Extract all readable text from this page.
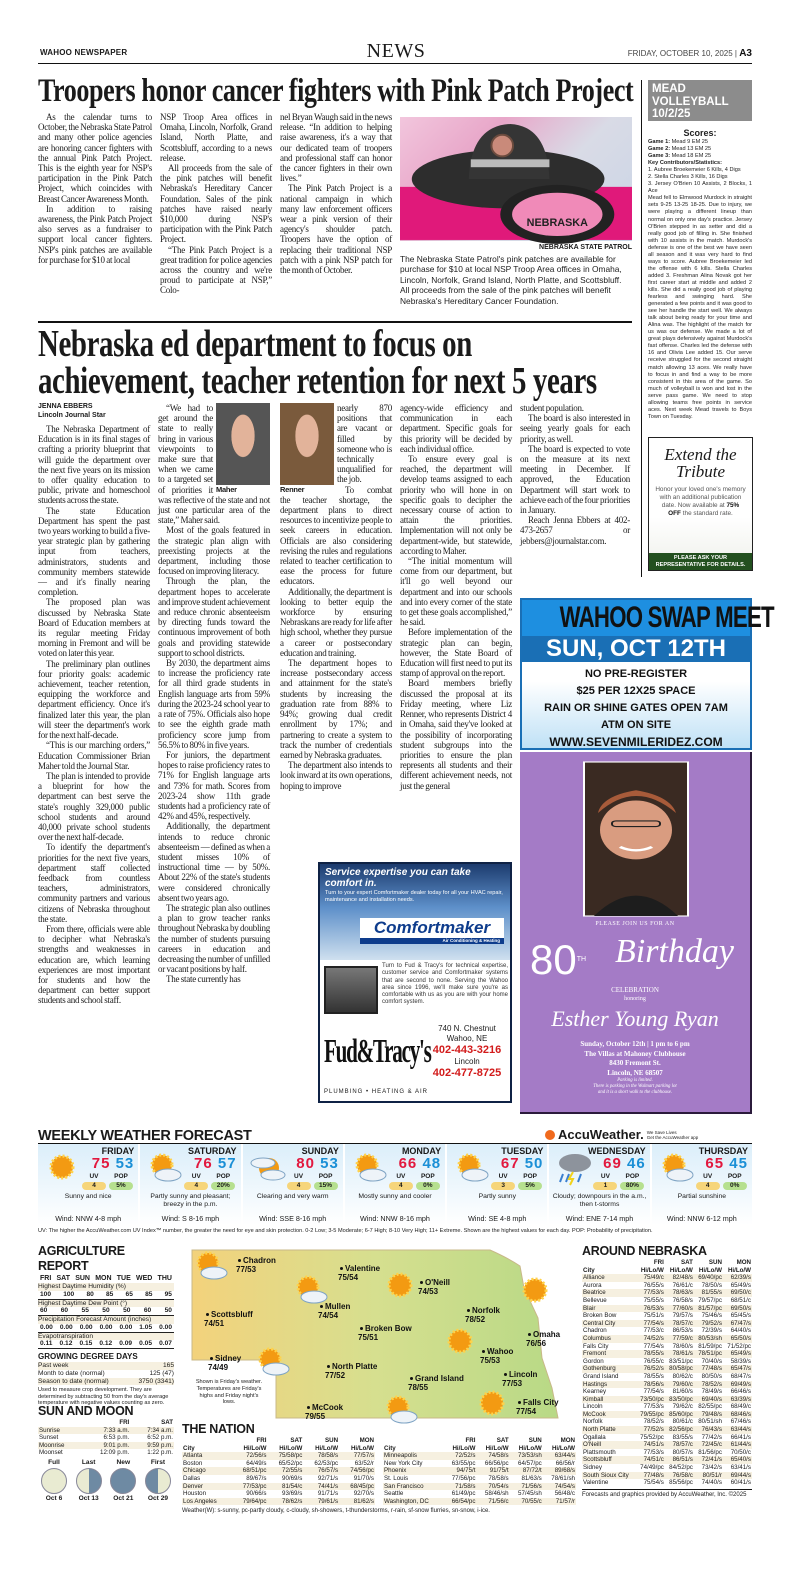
WAHOO NEWSPAPER	NEWS	FRIDAY, OCTOBER 10, 2025 | A3
Troopers honor cancer fighters with Pink Patch Project

As the calendar turns to October, the Nebraska State Patrol and many other police agencies are honoring cancer fighters with the annual Pink Patch Project. This is the eighth year for NSP's participation in the Pink Patch Project, which coincides with Breast Cancer Awareness Month.

In addition to raising awareness, the Pink Patch Project also serves as a fundraiser to support local cancer fighters. NSP's pink patches are available for purchase for $10 at local

NSP Troop Area offices in Omaha, Lincoln, Norfolk, Grand Island, North Platte, and Scottsbluff, according to a news release.

All proceeds from the sale of the pink patches will benefit Nebraska's Hereditary Cancer Foundation. Sales of the pink patches have raised nearly $10,000 during NSP's participation with the Pink Patch Project.

“The Pink Patch Project is a great tradition for police agencies across the country and we're proud to participate at NSP,” Colo-

nel Bryan Waugh said in the news release. “In addition to helping raise awareness, it's a way that our dedicated team of troopers and professional staff can honor the cancer fighters in their own lives.”

The Pink Patch Project is a national campaign in which many law enforcement officers wear a pink version of their agency's shoulder patch. Troopers have the option of replacing their traditional NSP patch with a pink NSP patch for the month of October.

NEBRASKA
NEBRASKA STATE PATROL
The Nebraska State Patrol's pink patches are available for purchase for $10 at local NSP Troop Area offices in Omaha, Lincoln, Norfolk, Grand Island, North Platte, and Scottsbluff. All proceeds from the sale of the pink patches will benefit Nebraska's Hereditary Cancer Foundation.
MEAD
VOLLEYBALL
10/2/25
Scores:
Game 1: Mead 9 EM 25
Game 2: Mead 13 EM 25
Game 3: Mead 18 EM 25
Key Contributors/Statistics:
1. Aubree Broekemeier 6 Kills, 4 Digs
2. Stella Charles 3 Kills, 16 Digs
3. Jersey O'Brien 10 Assists, 2 Blocks, 1 Ace
Mead fell to Elmwood Murdock in straight sets 9-25 13-25 18-25. Due to injury, we were playing a different lineup than normal on only one day's practice. Jersey O'Brien stepped in as setter and did a really good job of filling in. She finished with 10 assists in the match. Murdock's defense is one of the best we have seen all season and it was very hard to find ways to score. Aubree Broekemeier led the offense with 6 kills. Stella Charles added 3. Freshman Alina Novak got her first career start at middle and added 2 kills. She did a really good job of playing fearless and swinging hard. She generated a few points and it was good to see her handle the start well. We always talk about being ready for your time and Alina was. The highlight of the match for us was our defense. We made a lot of great plays defensively against Murdock's fast offense. Charles led the defense with 16 and Olivia Lee added 15. Our serve receive struggled for the second straight match allowing 13 aces. We really have to focus in and find a way to be more consistent in this area of the game. So much of volleyball is won and lost in the serve pass game. We need to stop allowing teams free points in service aces. Next week Mead travels to Boys Town on Tuesday.
Extend the
Tribute
Honor your loved one's memory with an additional publication date. Now available at 75% OFF the standard rate.
PLEASE ASK YOUR REPRESENTATIVE FOR DETAILS.
Nebraska ed department to focus on
achievement, teacher retention for next 5 years
JENNA EBBERS
Lincoln Journal Star

The Nebraska Department of Education is in its final stages of crafting a priority blueprint that will guide the department over the next five years on its mission to offer quality education to public, private and homeschool students across the state.

The state Education Department has spent the past two years working to build a five-year strategic plan by gathering input from teachers, administrators, students and community members statewide — and it's finally nearing completion.

The proposed plan was discussed by Nebraska State Board of Education members at its regular meeting Friday morning in Fremont and will be voted on later this year.

The preliminary plan outlines four priority goals: academic achievement, teacher retention, equipping the workforce and department efficiency. Once it's finalized later this year, the plan will steer the department's work for the next half-decade.

“This is our marching orders,” Education Commissioner Brian Maher told the Journal Star.

The plan is intended to provide a blueprint for how the department can best serve the state's roughly 329,000 public school students and around 40,000 private school students over the next half-decade.

To identify the department's priorities for the next five years, department staff collected feedback from countless teachers, administrators, community partners and various citizens of Nebraska throughout the state.

From there, officials were able to decipher what Nebraska's strengths and weaknesses in education are, which learning experiences are most important for students and how the department can better support students and school staff.

Maher

“We had to get around the state to really bring in various viewpoints to make sure that when we came to a targeted set of priorities it was reflective of the state and not just one particular area of the state,” Maher said.

Most of the goals featured in the strategic plan align with preexisting projects at the department, including those focused on improving literacy.

Through the plan, the department hopes to accelerate and improve student achievement and reduce chronic absenteeism by directing funds toward the continuous improvement of both goals and providing statewide support to school districts.

By 2030, the department aims to increase the proficiency rate for all third grade students in English language arts from 59% during the 2023-24 school year to a rate of 75%. Officials also hope to see the eighth grade math proficiency score jump from 56.5% to 80% in five years.

For juniors, the department hopes to raise proficiency rates to 71% for English language arts and 73% for math. Scores from 2023-24 show 11th grade students had a proficiency rate of 42% and 45%, respectively.

Additionally, the department intends to reduce chronic absenteeism — defined as when a student misses 10% of instructional time — by 50%. About 22% of the state's students were considered chronically absent two years ago.

The strategic plan also outlines a plan to grow teacher ranks throughout Nebraska by doubling the number of students pursuing careers in education and decreasing the number of unfilled or vacant positions by half.

The state currently has

Renner

nearly 870 positions that are vacant or filled by someone who is technically unqualified for the job.

To combat the teacher shortage, the department plans to direct resources to incentivize people to seek careers in education. Officials are also considering revising the rules and regulations related to teacher certification to ease the process for future educators.

Additionally, the department is looking to better equip the workforce by ensuring Nebraskans are ready for life after high school, whether they pursue a career or postsecondary education and training.

The department hopes to increase postsecondary access and attainment for the state's students by increasing the graduation rate from 88% to 94%; growing dual credit enrollment by 17%; and partnering to create a system to track the number of credentials earned by Nebraska graduates.

The department also intends to look inward at its own operations, hoping to improve

agency-wide efficiency and communication in each department. Specific goals for this priority will be decided by each individual office.

To ensure every goal is reached, the department will develop teams assigned to each priority who will hone in on specific goals to decipher the necessary course of action to attain the priorities. Implementation will not only be department-wide, but statewide, according to Maher.

“The initial momentum will come from our department, but it'll go well beyond our department and into our schools and into every corner of the state to get these goals accomplished,” he said.

Before implementation of the strategic plan can begin, however, the State Board of Education will first need to put its stamp of approval on the report.

Board members briefly discussed the proposal at its Friday meeting, where Liz Renner, who represents District 4 in Omaha, said they've looked at the possibility of incorporating student subgroups into the priorities to ensure the plan represents all students and their different achievement needs, not just the general

student population.

The board is also interested in seeing yearly goals for each priority, as well.

The board is expected to vote on the measure at its next meeting in December. If approved, the Education Department will start work to achieve each of the four priorities in January.

Reach Jenna Ebbers at 402-473-2657 or jebbers@journalstar.com.

WAHOO SWAP MEET
SUN, OCT 12TH
NO PRE-REGISTER
$25 PER 12X25 SPACE
RAIN OR SHINE GATES OPEN 7AM
ATM ON SITE
WWW.SEVENMILERIDEZ.COM
PLEASE JOIN US FOR AN
80TH Birthday
CELEBRATION
honoring
Esther Young Ryan
Sunday, October 12th | 1 pm to 6 pm
The Villas at Mahoney Clubhouse
8430 Fremont St.
Lincoln, NE 68507
Parking is limited.
There is parking in the Walmart parking lot
and it is a short walk to the clubhouse.
Service expertise you can take comfort in.
Turn to your expert Comfortmaker dealer today for all your HVAC repair, maintenance and installation needs.
Comfortmaker
Air Conditioning & Heating
Turn to Fud & Tracy's for technical expertise, customer service and Comfortmaker systems that are second to none. Serving the Wahoo area since 1996, we'll make sure you're as comfortable with us as you are with your home comfort system.
Fud&Tracy's
PLUMBING • HEATING & AIR
740 N. Chestnut
Wahoo, NE
402-443-3216
Lincoln
402-477-8725
WEEKLY WEATHER FORECAST	AccuWeather. We Save Lives
Get the AccuWeather app
FRIDAY
75 53
UV
4
POP
5%
Sunny and nice
Wind: NNW 4-8 mph
SATURDAY
76 57
UV
4
POP
20%
Partly sunny and pleasant; breezy in the p.m.
Wind: S 8-16 mph
SUNDAY
80 53
UV
4
POP
15%
Clearing and very warm
Wind: SSE 8-16 mph
MONDAY
66 48
UV
4
POP
0%
Mostly sunny and cooler
Wind: NNW 8-16 mph
TUESDAY
67 50
UV
3
POP
5%
Partly sunny
Wind: SE 4-8 mph
WEDNESDAY
69 46
UV
1
POP
80%
Cloudy; downpours in the a.m., then t-storms
Wind: ENE 7-14 mph
THURSDAY
65 45
UV
4
POP
0%
Partial sunshine
Wind: NNW 6-12 mph
UV: The higher the AccuWeather.com UV Index™ number, the greater the need for eye and skin protection. 0-2 Low; 3-5 Moderate; 6-7 High; 8-10 Very High; 11+ Extreme. Shown are the highest values for each day. POP: Probability of precipitation.
AGRICULTURE REPORT
FRI SAT SUN MON TUE WED THU
Highest Daytime Humidity (%)
100 100 80 85 65 85 95
Highest Daytime Dew Point (°)
60 60 55 50 50 60 50
Precipitation Forecast Amount (inches)
0.00 0.00 0.00 0.00 0.00 1.05 0.00
Evapotranspiration
0.11 0.12 0.15 0.12 0.09 0.05 0.07
GROWING DEGREE DAYS
Past week	165
Month to date (normal)	125 (47)
Season to date (normal)	3750 (3341)
Used to measure crop development. They are determined by subtracting 50 from the day's average temperature with negative values counting as zero.
SUN AND MOON
	FRI	SAT
Sunrise	7:33 a.m.	7:34 a.m.
Sunset	6:53 p.m.	6:52 p.m.
Moonrise	9:01 p.m.	9:59 p.m.
Moonset	12:09 p.m.	1:22 p.m.
Full
Oct 6
Last
Oct 13
New
Oct 21
First
Oct 29
Chadron
77/53	Valentine
75/54
O'Neill
74/53
Scottsbluff
74/51
Mullen
74/54
Norfolk
78/52
Broken Bow
75/51	Omaha
76/56
Wahoo
75/53
Sidney
74/49	North Platte
77/52	Lincoln
77/53
Grand Island
78/55
Falls City
77/54
McCook
79/55
Shown is Friday's weather. Temperatures are Friday's highs and Friday night's lows.
THE NATION
	FRI	SAT	SUN	MON
City	Hi/Lo/W	Hi/Lo/W	Hi/Lo/W	Hi/Lo/W
Atlanta	72/56/s	75/58/pc	78/58/s	77/57/s
Boston	64/49/s	65/52/pc	62/53/pc	63/52/r
Chicago	68/51/pc	72/55/s	76/57/s	74/56/pc
Dallas	89/67/s	90/69/s	92/71/s	91/70/s
Denver	77/53/pc	81/54/c	74/41/s	68/45/pc
Houston	90/66/s	93/69/s	91/71/s	92/70/s
Los Angeles	79/64/pc	78/62/s	79/61/s	81/62/s
	FRI	SAT	SUN	MON
City	Hi/Lo/W	Hi/Lo/W	Hi/Lo/W	Hi/Lo/W
Minneapolis	72/52/s	74/58/s	73/53/sh	63/44/s
New York City	63/55/pc	66/56/pc	64/57/pc	66/56/r
Phoenix	94/75/t	91/75/t	87/72/t	89/68/s
St. Louis	77/56/pc	78/58/s	81/63/s	78/61/sh
San Francisco	71/58/s	70/54/s	71/56/s	74/54/s
Seattle	61/49/pc	58/46/sh	57/45/sh	56/48/c
Washington, DC	66/54/pc	71/56/c	70/55/c	71/57/r
Weather(W): s-sunny, pc-partly cloudy, c-cloudy, sh-showers, t-thunderstorms, r-rain, sf-snow flurries, sn-snow, i-ice.
AROUND NEBRASKA
	FRI	SAT	SUN	MON
City	Hi/Lo/W	Hi/Lo/W	Hi/Lo/W	Hi/Lo/W
Alliance	75/49/c	82/48/s	69/40/pc	62/39/s
Aurora	76/55/s	76/61/c	78/50/s	65/49/s
Beatrice	77/53/s	78/63/s	81/55/s	69/50/c
Bellevue	75/55/s	76/58/s	79/57/pc	68/51/c
Blair	76/53/s	77/60/s	81/57/pc	69/50/s
Broken Bow	75/51/s	79/57/s	75/46/s	65/45/s
Central City	77/54/s	78/57/c	79/52/s	67/47/s
Chadron	77/53/c	86/53/s	72/39/s	64/40/s
Columbus	74/52/s	77/59/c	80/53/sh	65/50/s
Falls City	77/54/s	78/60/s	81/59/pc	71/52/pc
Fremont	78/55/s	78/61/s	78/51/pc	65/49/s
Gordon	76/55/c	83/51/pc	70/40/s	58/39/s
Gothenburg	76/52/s	80/58/pc	77/48/s	65/47/s
Grand Island	78/55/s	80/62/c	80/50/s	68/47/s
Hastings	78/56/s	79/60/c	78/52/s	69/49/s
Kearney	77/54/s	81/60/s	78/49/s	66/46/s
Kimball	73/50/pc	83/50/pc	69/40/s	63/39/s
Lincoln	77/53/s	79/62/c	82/55/pc	68/49/c
McCook	79/55/pc	85/60/pc	79/48/s	68/46/s
Norfolk	78/52/s	80/61/c	80/51/sh	67/46/s
North Platte	77/52/s	82/56/pc	76/43/s	63/44/s
Ogallala	75/52/pc	83/55/s	77/42/s	66/41/s
O'Neill	74/51/s	78/57/c	72/45/c	61/44/s
Plattsmouth	77/53/s	80/57/s	81/56/pc	70/50/c
Scottsbluff	74/51/c	86/51/s	72/41/s	65/40/s
Sidney	74/49/pc	84/52/pc	73/42/s	63/41/s
South Sioux City	77/48/s	76/58/c	80/51/r	69/44/s
Valentine	75/54/s	85/56/pc	74/40/s	60/41/s
Forecasts and graphics provided by AccuWeather, Inc. ©2025
